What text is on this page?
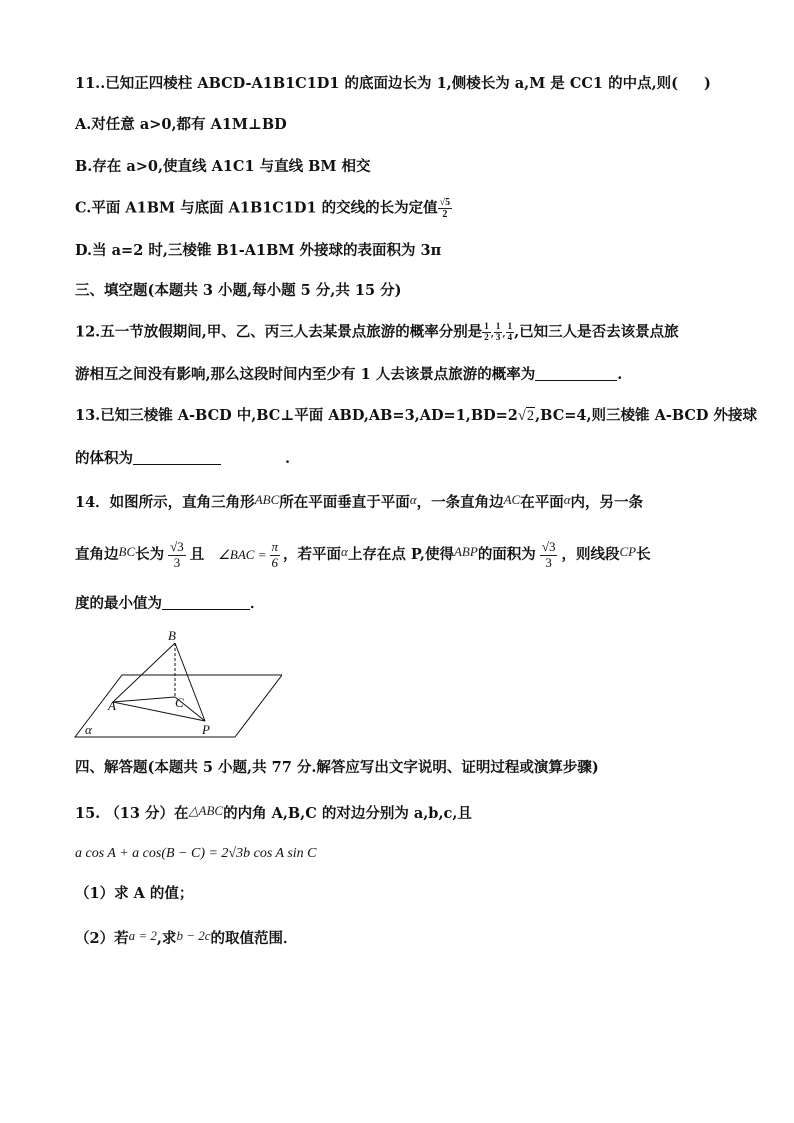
11..已知正四棱柱 ABCD-A1B1C1D1 的底面边长为 1,侧棱长为 a,M 是 CC1 的中点,则( )
A.对任意 a>0,都有 A1M⊥BD
B.存在 a>0,使直线 A1C1 与直线 BM 相交
C.平面 A1BM 与底面 A1B1C1D1 的交线的长为定值 $\frac{√5}{2}$
D.当 a=2 时,三棱锥 B1-A1BM 外接球的表面积为 3π
三、填空题(本题共 3 小题,每小题 5 分,共 15 分)
12.五一节放假期间,甲、乙、丙三人去某景点旅游的概率分别是 $\frac{1}{2}$ , $\frac{1}{3}$ , $\frac{1}{4}$ ,已知三人是否去该景点旅
游相互之间没有影响,那么这段时间内至少有 1 人去该景点旅游的概率为	.
13.已知三棱锥 A-BCD 中,BC⊥平面 ABD,AB=3,AD=1,BD=2√2,BC=4,则三棱锥 A-BCD 外接球
的体积为	.
14．如图所示，直角三角形ABC所在平面垂直于平面α，一条直角边AC在平面α内，另一条
直角边BC长为 $\frac{√3}{3}$ 且 ∠BAC = $\frac{\pi}{6}$ ，若平面α上存在点 P,使得ABP的面积为 $\frac{√3}{3}$ ，则线段CP长
度的最小值为	．
B
A	C
P
α
四、解答题(本题共 5 小题,共 77 分.解答应写出文字说明、证明过程或演算步骤)
15. （13 分）在△ABC的内角 A,B,C 的对边分别为 a,b,c,且
a cos A + a cos(B − C) = 2√3b cos A sin C
（1）求 A 的值；
（2）若a = 2,求b − 2c的取值范围．
